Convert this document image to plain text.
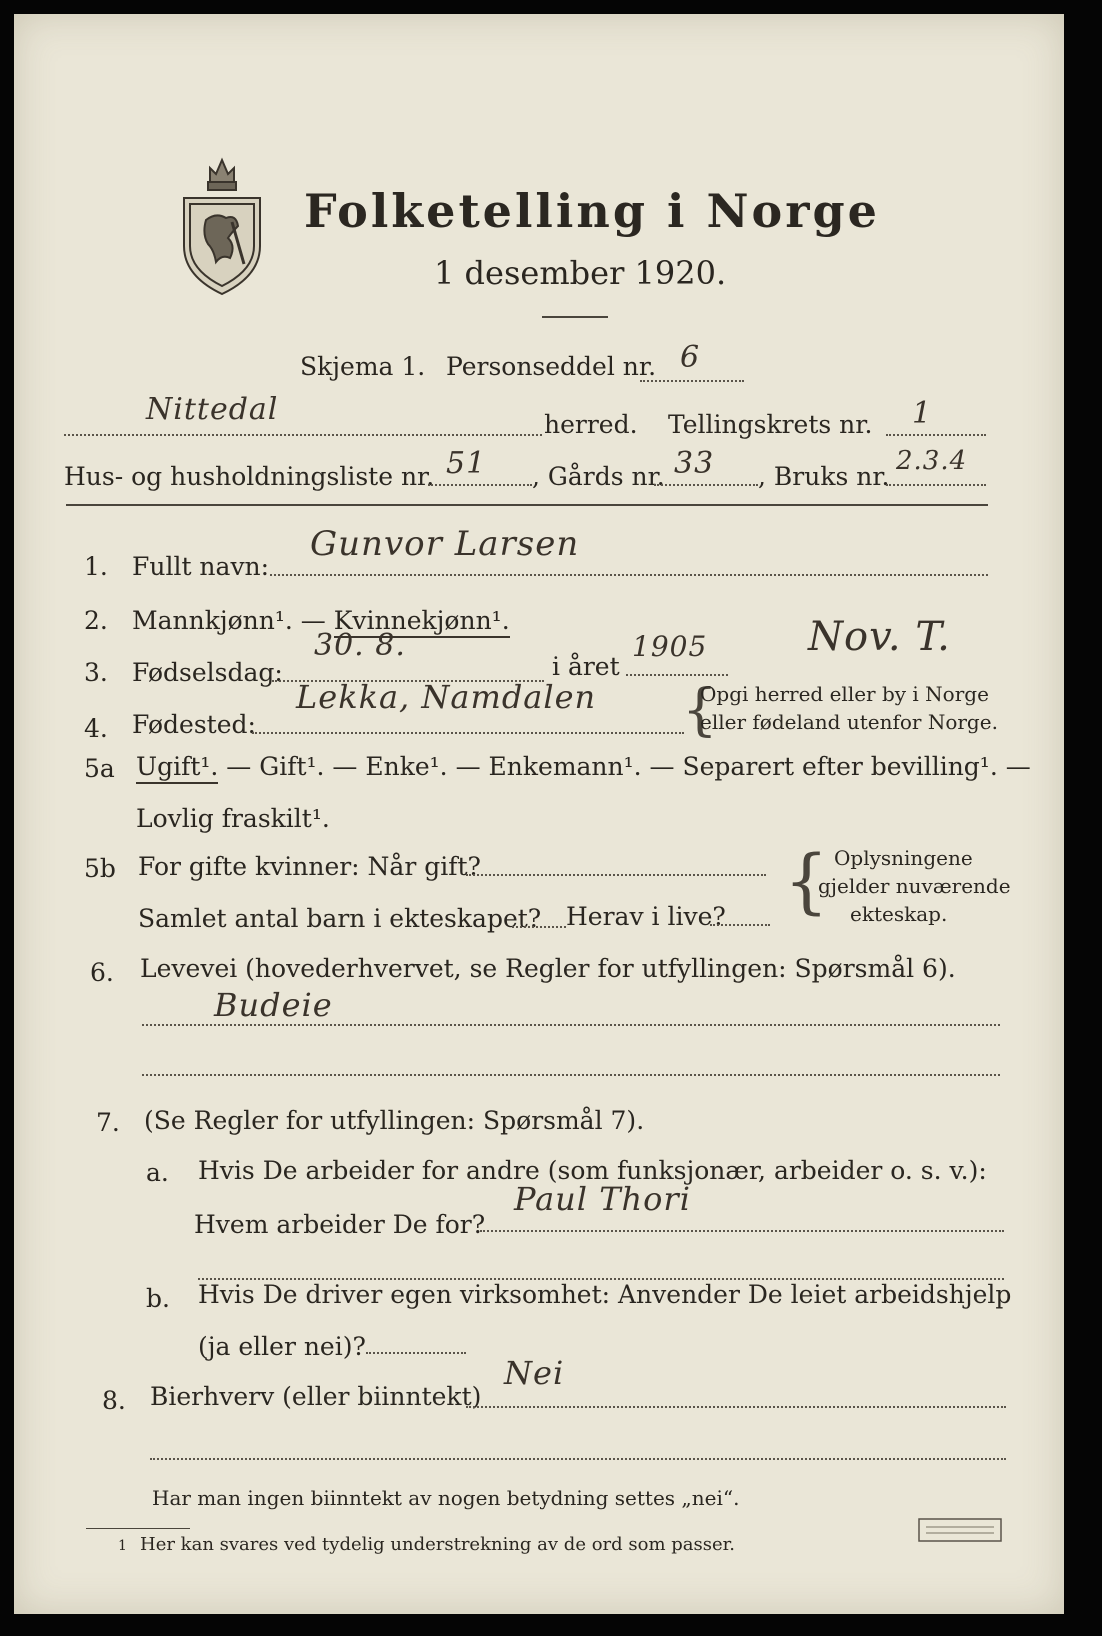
Folketelling i Norge
1 desember 1920.
Skjema 1. Personseddel nr. 6
Nittedal	herred. Tellingskrets nr. 1
Hus- og husholdningsliste nr. 51 , Gårds nr. 33 , Bruks nr.
2.3.4
1. Fullt navn:
Gunvor Larsen
2. Mannkjønn¹. — Kvinnekjønn¹.
3. Fødselsdag:
30. 8.
i året
1905	Nov. T.
4. Fødested:
Lekka, Namdalen {
Opgi herred eller by i Norge
eller fødeland utenfor Norge.
5a Ugift¹. — Gift¹. — Enke¹. — Enkemann¹. — Separert efter bevilling¹. —
Lovlig fraskilt¹.
5b For gifte kvinner: Når gift?
Samlet antal barn i ekteskapet? Herav i live? { Oplysningene
gjelder nuværende
ekteskap.
6. Levevei (hovederhvervet, se Regler for utfyllingen: Spørsmål 6).
Budeie
7. (Se Regler for utfyllingen: Spørsmål 7).
a. Hvis De arbeider for andre (som funksjonær, arbeider o. s. v.):
Hvem arbeider De for?
Paul Thori
b. Hvis De driver egen virksomhet: Anvender De leiet arbeidshjelp
(ja eller nei)?
8. Bierhverv (eller biinntekt)
Nei
Har man ingen biinntekt av nogen betydning settes „nei“.
1 Her kan svares ved tydelig understrekning av de ord som passer.
